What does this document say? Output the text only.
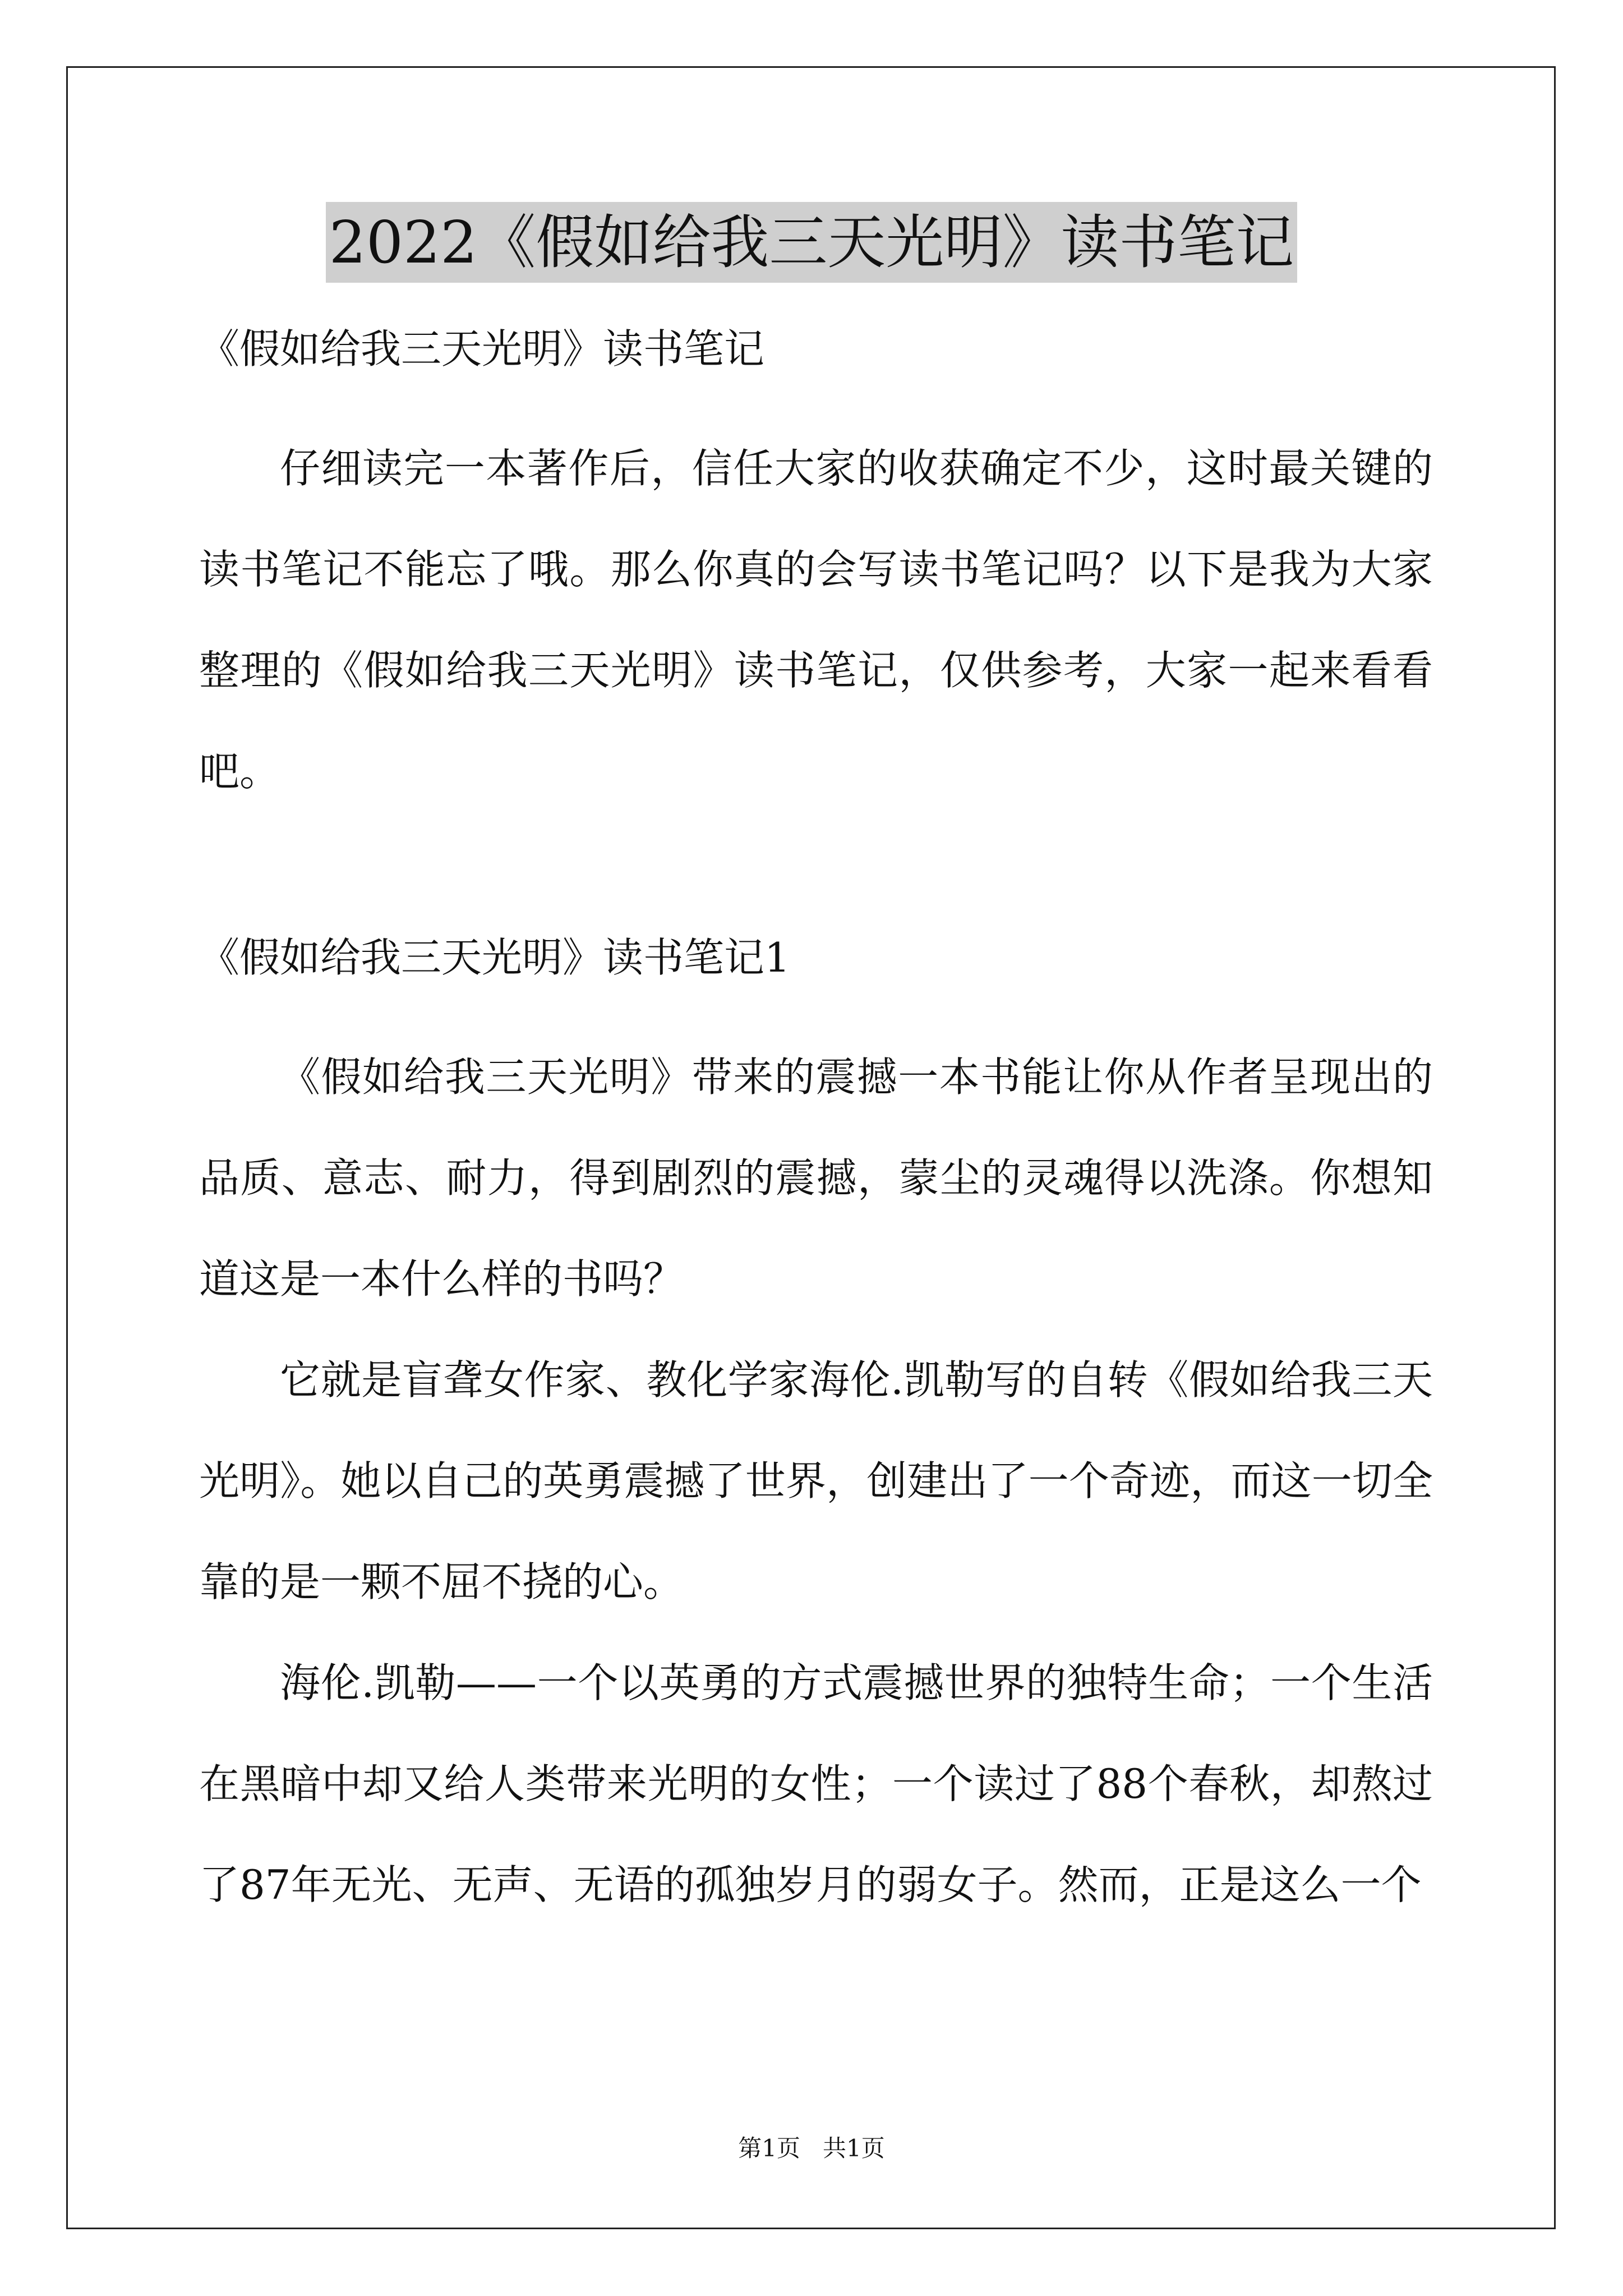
2022《假如给我三天光明》读书笔记
《假如给我三天光明》读书笔记

仔细读完一本著作后，信任大家的收获确定不少，这时最关键的读书笔记不能忘了哦。那么你真的会写读书笔记吗？以下是我为大家整理的《假如给我三天光明》读书笔记，仅供参考，大家一起来看看吧。

《假如给我三天光明》读书笔记1

《假如给我三天光明》带来的震撼一本书能让你从作者呈现出的品质、意志、耐力，得到剧烈的震撼，蒙尘的灵魂得以洗涤。你想知道这是一本什么样的书吗？

它就是盲聋女作家、教化学家海伦.凯勒写的自转《假如给我三天光明》。她以自己的英勇震撼了世界，创建出了一个奇迹，而这一切全靠的是一颗不屈不挠的心。

海伦.凯勒——一个以英勇的方式震撼世界的独特生命；一个生活在黑暗中却又给人类带来光明的女性；一个读过了88个春秋，却熬过了87年无光、无声、无语的孤独岁月的弱女子。然而，正是这么一个

第1页   共1页
